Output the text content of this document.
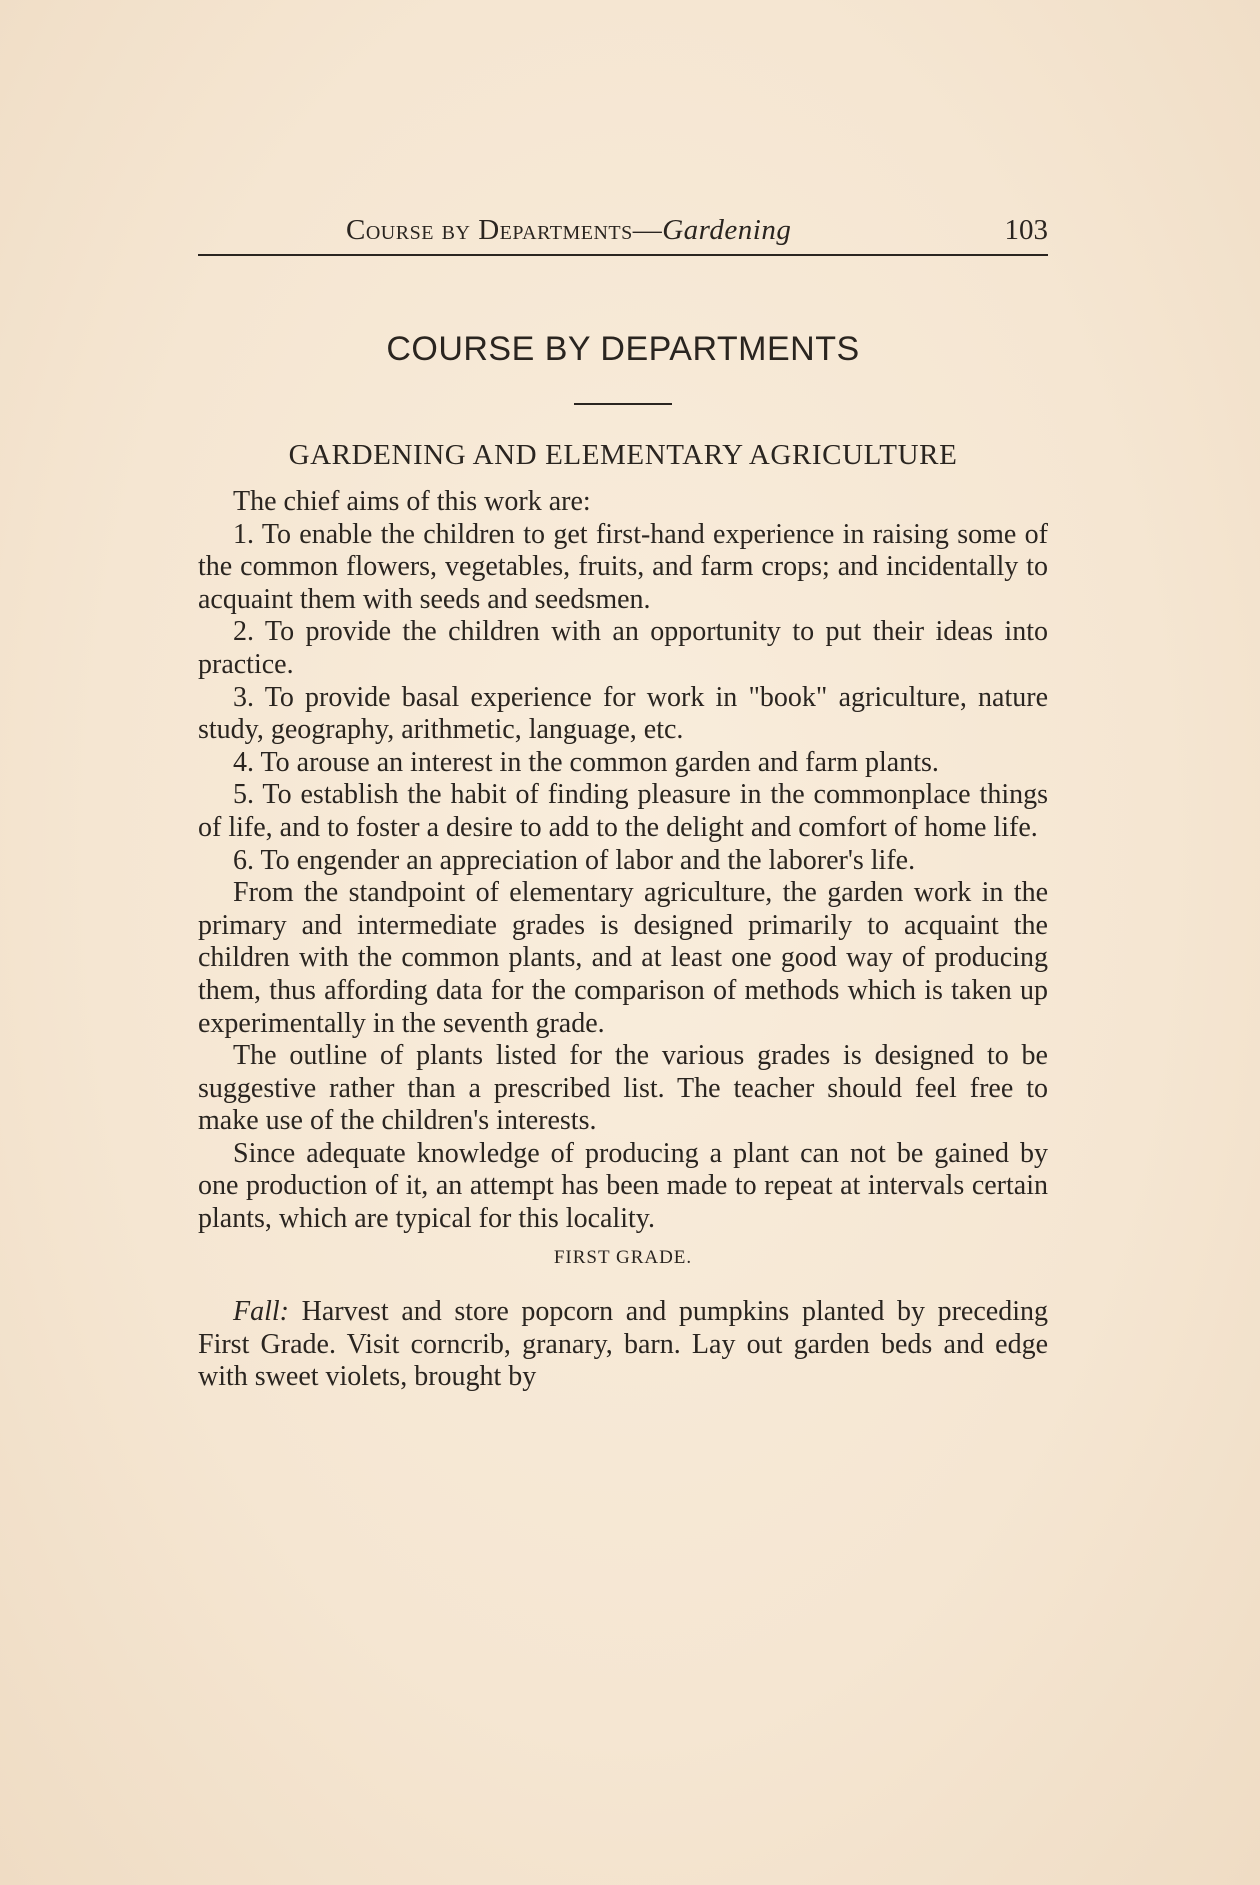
Course by Departments—Gardening	103
COURSE BY DEPARTMENTS
GARDENING AND ELEMENTARY AGRICULTURE

The chief aims of this work are:

1. To enable the children to get first-hand experience in raising some of the common flowers, vegetables, fruits, and farm crops; and incidentally to acquaint them with seeds and seedsmen.

2. To provide the children with an opportunity to put their ideas into practice.

3. To provide basal experience for work in "book" agriculture, nature study, geography, arithmetic, language, etc.

4. To arouse an interest in the common garden and farm plants.

5. To establish the habit of finding pleasure in the commonplace things of life, and to foster a desire to add to the delight and comfort of home life.

6. To engender an appreciation of labor and the laborer's life.

From the standpoint of elementary agriculture, the garden work in the primary and intermediate grades is designed primarily to acquaint the children with the common plants, and at least one good way of producing them, thus affording data for the comparison of methods which is taken up experimentally in the seventh grade.

The outline of plants listed for the various grades is designed to be suggestive rather than a prescribed list. The teacher should feel free to make use of the children's interests.

Since adequate knowledge of producing a plant can not be gained by one production of it, an attempt has been made to repeat at intervals certain plants, which are typical for this locality.

FIRST GRADE.

Fall: Harvest and store popcorn and pumpkins planted by preceding First Grade. Visit corncrib, granary, barn. Lay out garden beds and edge with sweet violets, brought by
